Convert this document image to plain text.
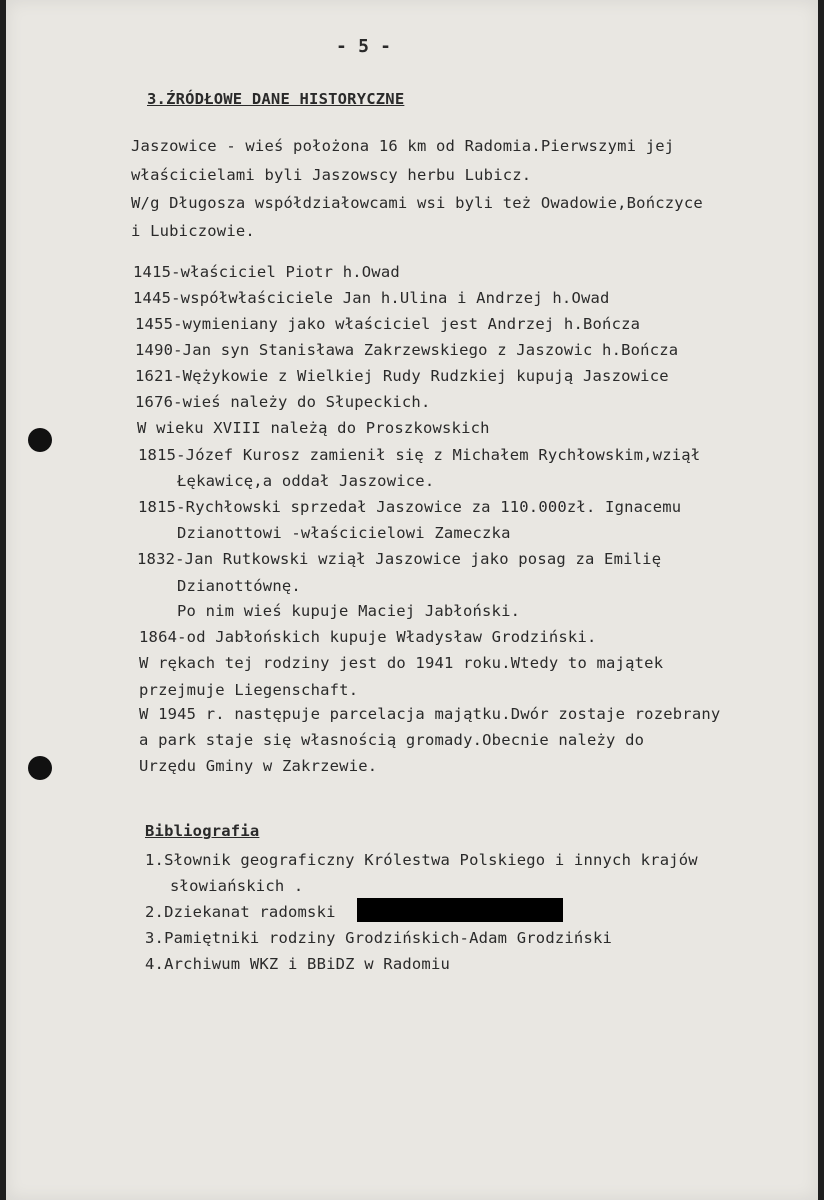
- 5 -
3.ŹRÓDŁOWE DANE HISTORYCZNE
Jaszowice - wieś położona 16 km od Radomia.Pierwszymi jej
właścicielami byli Jaszowscy herbu Lubicz.
W/g Długosza współdziałowcami wsi byli też Owadowie,Bończyce
i Lubiczowie.
1415-właściciel Piotr h.Owad
1445-współwłaściciele Jan h.Ulina i Andrzej h.Owad
1455-wymieniany jako właściciel jest Andrzej h.Bończa
1490-Jan syn Stanisława Zakrzewskiego z Jaszowic h.Bończa
1621-Wężykowie z Wielkiej Rudy Rudzkiej kupują Jaszowice
1676-wieś należy do Słupeckich.
W wieku XVIII należą do Proszkowskich
1815-Józef Kurosz zamienił się z Michałem Rychłowskim,wziął
Łękawicę,a oddał Jaszowice.
1815-Rychłowski sprzedał Jaszowice za 110.000zł. Ignacemu
Dzianottowi -właścicielowi Zameczka
1832-Jan Rutkowski wziął Jaszowice jako posag za Emilię
Dzianottównę.
Po nim wieś kupuje Maciej Jabłoński.
1864-od Jabłońskich kupuje Władysław Grodziński.
W rękach tej rodziny jest do 1941 roku.Wtedy to majątek
przejmuje Liegenschaft.
W 1945 r. następuje parcelacja majątku.Dwór zostaje rozebrany
a park staje się własnością gromady.Obecnie należy do
Urzędu Gminy w Zakrzewie.
Bibliografia
1.Słownik geograficzny Królestwa Polskiego i innych krajów
słowiańskich .
2.Dziekanat radomski
3.Pamiętniki rodziny Grodzińskich-Adam Grodziński
4.Archiwum WKZ i BBiDZ w Radomiu
